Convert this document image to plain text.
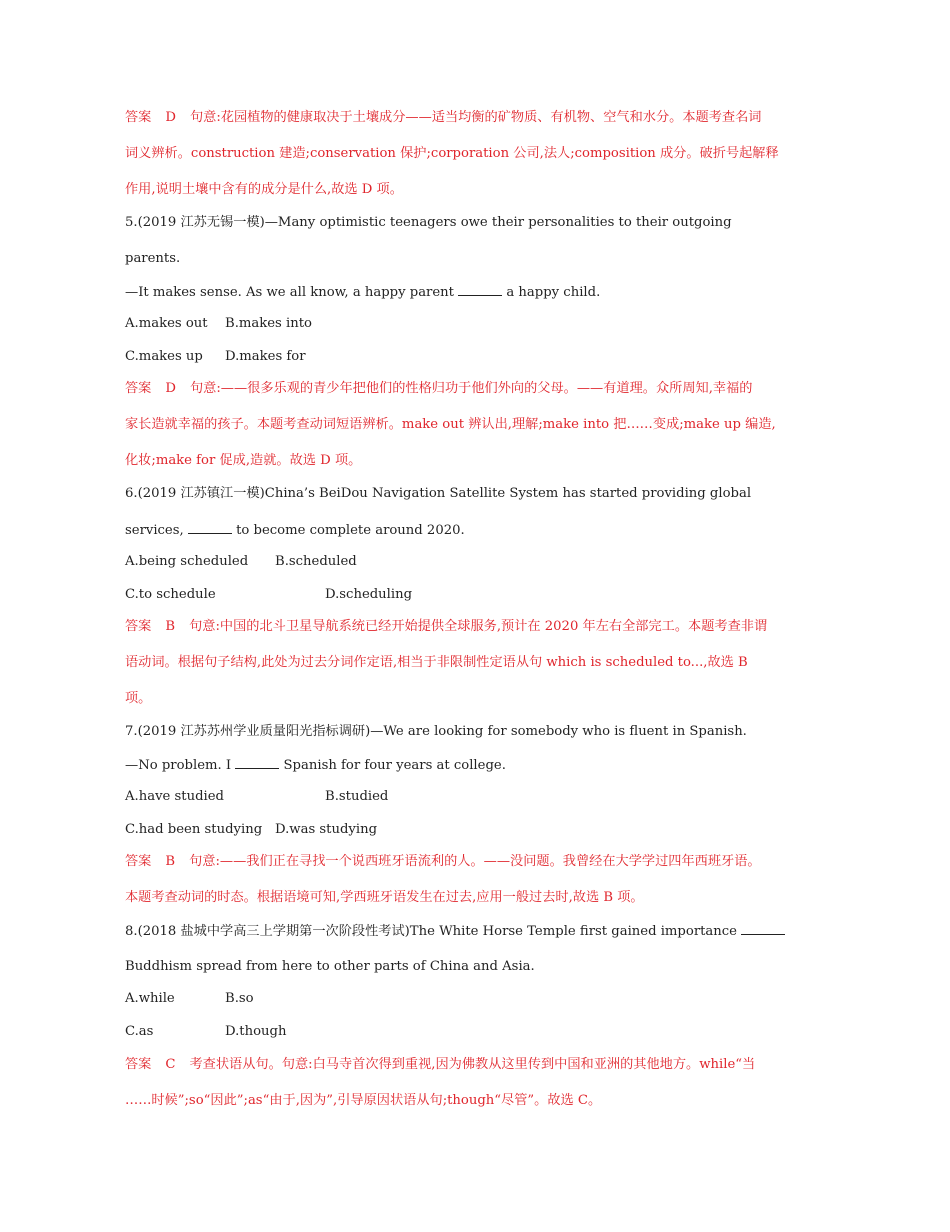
答案 D 句意:花园植物的健康取决于土壤成分——适当均衡的矿物质、有机物、空气和水分。本题考查名词
词义辨析。construction 建造;conservation 保护;corporation 公司,法人;composition 成分。破折号起解释
作用,说明土壤中含有的成分是什么,故选 D 项。
5.(2019 江苏无锡一模)—Many optimistic teenagers owe their personalities to their outgoing
parents.
—It makes sense. As we all know, a happy parent	a happy child.
A.makes out B.makes into
C.makes up D.makes for
答案 D 句意:——很多乐观的青少年把他们的性格归功于他们外向的父母。——有道理。众所周知,幸福的
家长造就幸福的孩子。本题考查动词短语辨析。make out 辨认出,理解;make into 把……变成;make up 编造,
化妆;make for 促成,造就。故选 D 项。
6.(2019 江苏镇江一模)China’s BeiDou Navigation Satellite System has started providing global
services,	to become complete around 2020.
A.being scheduled B.scheduled
C.to schedule	D.scheduling
答案 B 句意:中国的北斗卫星导航系统已经开始提供全球服务,预计在 2020 年左右全部完工。本题考查非谓
语动词。根据句子结构,此处为过去分词作定语,相当于非限制性定语从句 which is scheduled to...,故选 B
项。
7.(2019 江苏苏州学业质量阳光指标调研)—We are looking for somebody who is fluent in Spanish.
—No problem. I	Spanish for four years at college.
A.have studied	B.studied
C.had been studying D.was studying
答案 B 句意:——我们正在寻找一个说西班牙语流利的人。——没问题。我曾经在大学学过四年西班牙语。
本题考查动词的时态。根据语境可知,学西班牙语发生在过去,应用一般过去时,故选 B 项。
8.(2018 盐城中学高三上学期第一次阶段性考试)The White Horse Temple first gained importance
Buddhism spread from here to other parts of China and Asia.
A.while	B.so
C.as	D.though
答案 C 考查状语从句。句意:白马寺首次得到重视,因为佛教从这里传到中国和亚洲的其他地方。while“当
……时候”;so“因此”;as“由于,因为”,引导原因状语从句;though“尽管”。故选 C。
